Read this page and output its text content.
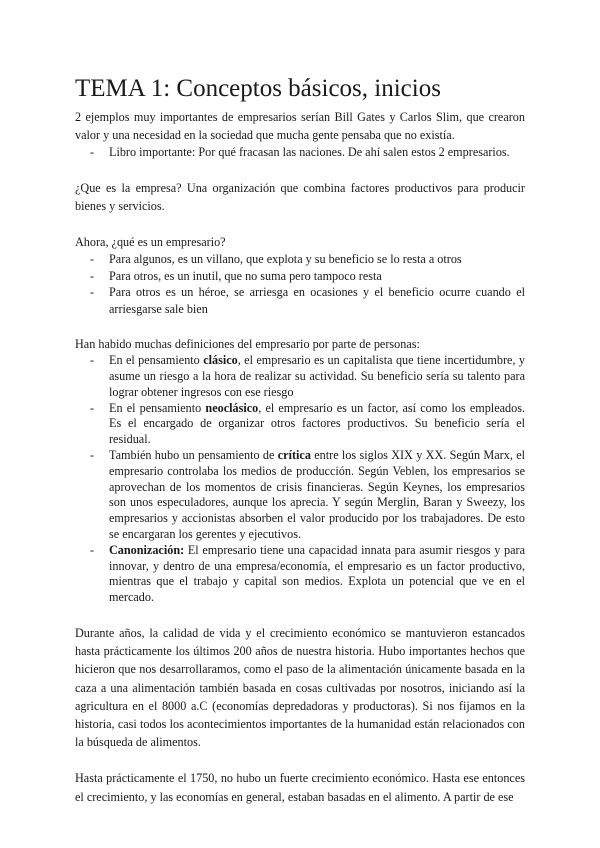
TEMA 1: Conceptos básicos, inicios

2 ejemplos muy importantes de empresarios serían Bill Gates y Carlos Slim, que crearon valor y una necesidad en la sociedad que mucha gente pensaba que no existía.

- Libro importante: Por qué fracasan las naciones. De ahí salen estos 2 empresarios.

¿Que es la empresa? Una organización que combina factores productivos para producir bienes y servicios.

Ahora, ¿qué es un empresario?

- Para algunos, es un villano, que explota y su beneficio se lo resta a otros
- Para otros, es un inutil, que no suma pero tampoco resta
- Para otros es un héroe, se arriesga en ocasiones y el beneficio ocurre cuando el arriesgarse sale bien

Han habido muchas definiciones del empresario por parte de personas:

- En el pensamiento clásico, el empresario es un capitalista que tiene incertidumbre, y asume un riesgo a la hora de realizar su actividad. Su beneficio sería su talento para lograr obtener ingresos con ese riesgo
- En el pensamiento neoclásico, el empresario es un factor, así como los empleados. Es el encargado de organizar otros factores productivos. Su beneficio sería el residual.
- También hubo un pensamiento de crítica entre los siglos XIX y XX. Según Marx, el empresario controlaba los medios de producción. Según Veblen, los empresarios se aprovechan de los momentos de crisis financieras. Según Keynes, los empresarios son unos especuladores, aunque los aprecia. Y según Merglin, Baran y Sweezy, los empresarios y accionistas absorben el valor producido por los trabajadores. De esto se encargaran los gerentes y ejecutivos.
- Canonización: El empresario tiene una capacidad innata para asumir riesgos y para innovar, y dentro de una empresa/economía, el empresario es un factor productivo, mientras que el trabajo y capital son medios. Explota un potencial que ve en el mercado.

Durante años, la calidad de vida y el crecimiento económico se mantuvieron estancados hasta prácticamente los últimos 200 años de nuestra historia. Hubo importantes hechos que hicieron que nos desarrollaramos, como el paso de la alimentación únicamente basada en la caza a una alimentación también basada en cosas cultivadas por nosotros, iniciando así la agricultura en el 8000 a.C (economías depredadoras y productoras). Si nos fijamos en la historia, casi todos los acontecimientos importantes de la humanidad están relacionados con la búsqueda de alimentos.

Hasta prácticamente el 1750, no hubo un fuerte crecimiento económico. Hasta ese entonces el crecimiento, y las economías en general, estaban basadas en el alimento. A partir de ese
